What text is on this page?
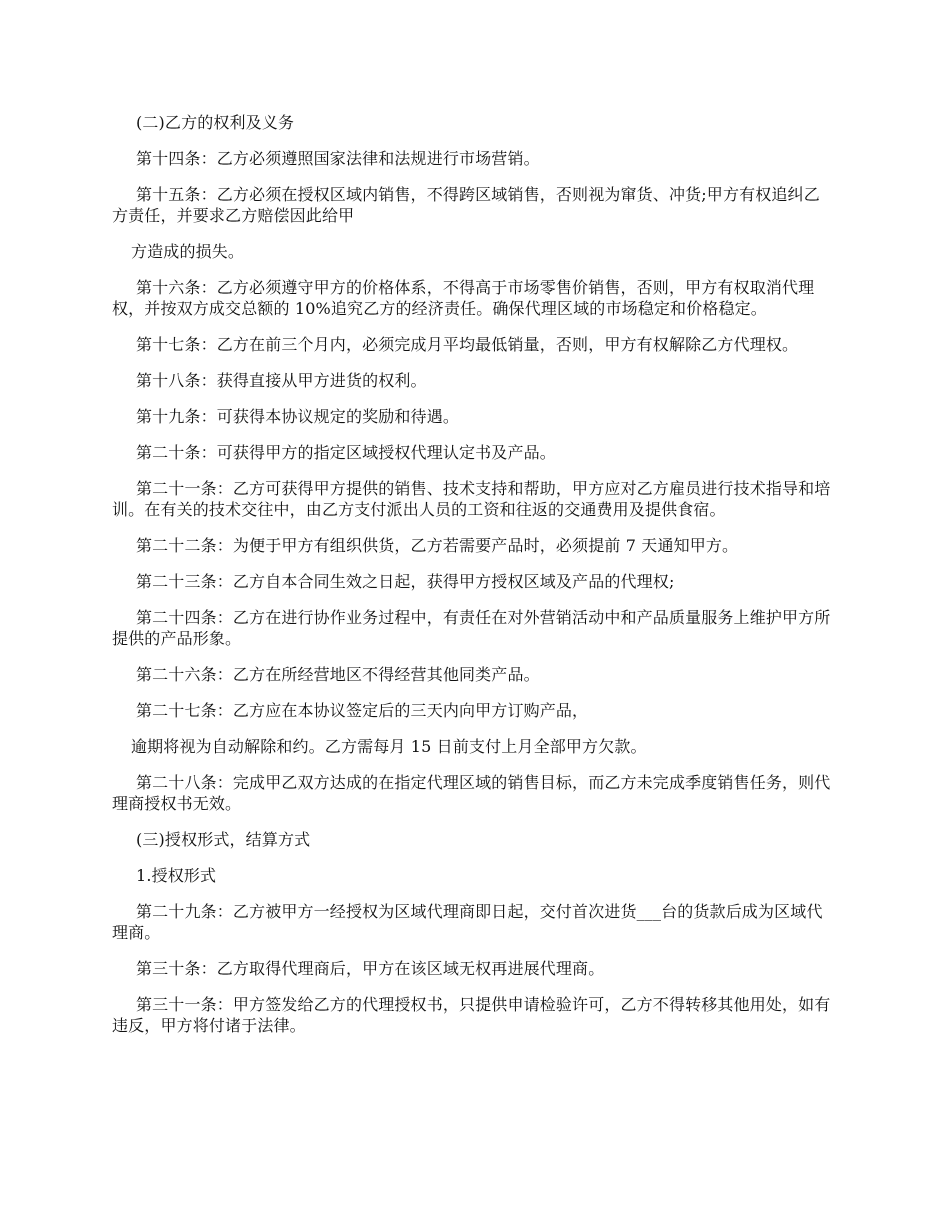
(二)乙方的权利及义务

第十四条：乙方必须遵照国家法律和法规进行市场营销。

第十五条：乙方必须在授权区域内销售，不得跨区域销售，否则视为窜货、冲货;甲方有权追纠乙方责任，并要求乙方赔偿因此给甲

方造成的损失。

第十六条：乙方必须遵守甲方的价格体系，不得高于市场零售价销售，否则，甲方有权取消代理权，并按双方成交总额的 10%追究乙方的经济责任。确保代理区域的市场稳定和价格稳定。

第十七条：乙方在前三个月内，必须完成月平均最低销量，否则，甲方有权解除乙方代理权。

第十八条：获得直接从甲方进货的权利。

第十九条：可获得本协议规定的奖励和待遇。

第二十条：可获得甲方的指定区域授权代理认定书及产品。

第二十一条：乙方可获得甲方提供的销售、技术支持和帮助，甲方应对乙方雇员进行技术指导和培训。在有关的技术交往中，由乙方支付派出人员的工资和往返的交通费用及提供食宿。

第二十二条：为便于甲方有组织供货，乙方若需要产品时，必须提前 7 天通知甲方。

第二十三条：乙方自本合同生效之日起，获得甲方授权区域及产品的代理权;

第二十四条：乙方在进行协作业务过程中，有责任在对外营销活动中和产品质量服务上维护甲方所提供的产品形象。

第二十六条：乙方在所经营地区不得经营其他同类产品。

第二十七条：乙方应在本协议签定后的三天内向甲方订购产品，

逾期将视为自动解除和约。乙方需每月 15 日前支付上月全部甲方欠款。

第二十八条：完成甲乙双方达成的在指定代理区域的销售目标，而乙方未完成季度销售任务，则代理商授权书无效。

(三)授权形式，结算方式

1.授权形式

第二十九条：乙方被甲方一经授权为区域代理商即日起，交付首次进货___台的货款后成为区域代理商。

第三十条：乙方取得代理商后，甲方在该区域无权再进展代理商。

第三十一条：甲方签发给乙方的代理授权书，只提供申请检验许可，乙方不得转移其他用处，如有违反，甲方将付诸于法律。
